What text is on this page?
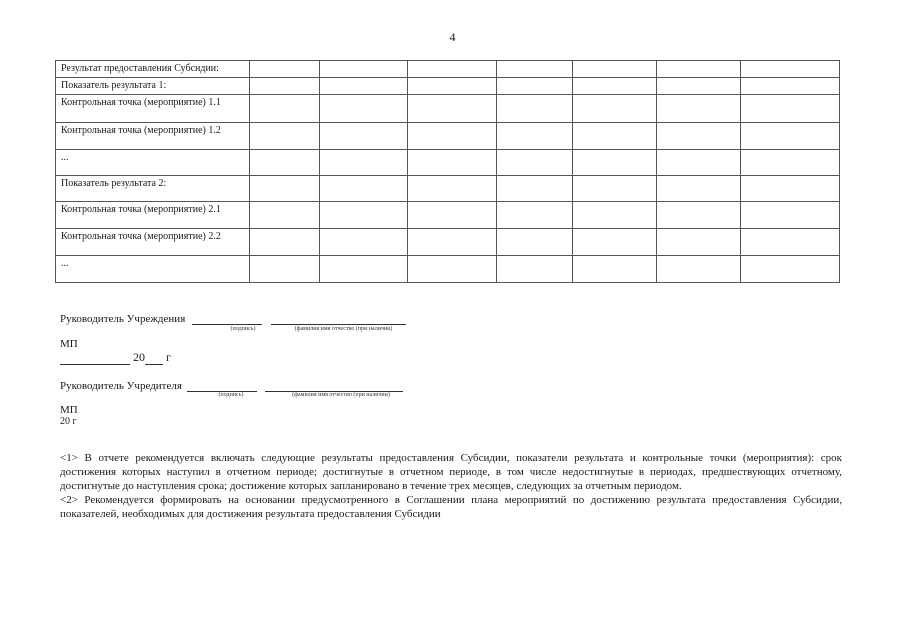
4
Результат предоставления Субсидии:							
Показатель результата 1:							
Контрольная точка (мероприятие) 1.1							
Контрольная точка (мероприятие) 1.2							
...							
Показатель результата 2:							
Контрольная точка (мероприятие) 2.1							
Контрольная точка (мероприятие) 2.2							
...							
Руководитель Учреждения
(подпись)	(фамилия имя отчество (при наличии)
МП
20 г
Руководитель Учредителя
(подпись)	(фамилия имя отчество (при наличии)
МП
20 г

<1> В отчете рекомендуется включать следующие результаты предоставления Субсидии, показатели результата и контрольные точки (мероприятия): срок достижения которых наступил в отчетном периоде; достигнутые в отчетном периоде, в том числе недостигнутые в периодах, предшествующих отчетному, достигнутые до наступления срока; достижение которых запланировано в течение трех месяцев, следующих за отчетным периодом.

<2> Рекомендуется формировать на основании предусмотренного в Соглашении плана мероприятий по достижению результата предоставления Субсидии, показателей, необходимых для достижения результата предоставления Субсидии
